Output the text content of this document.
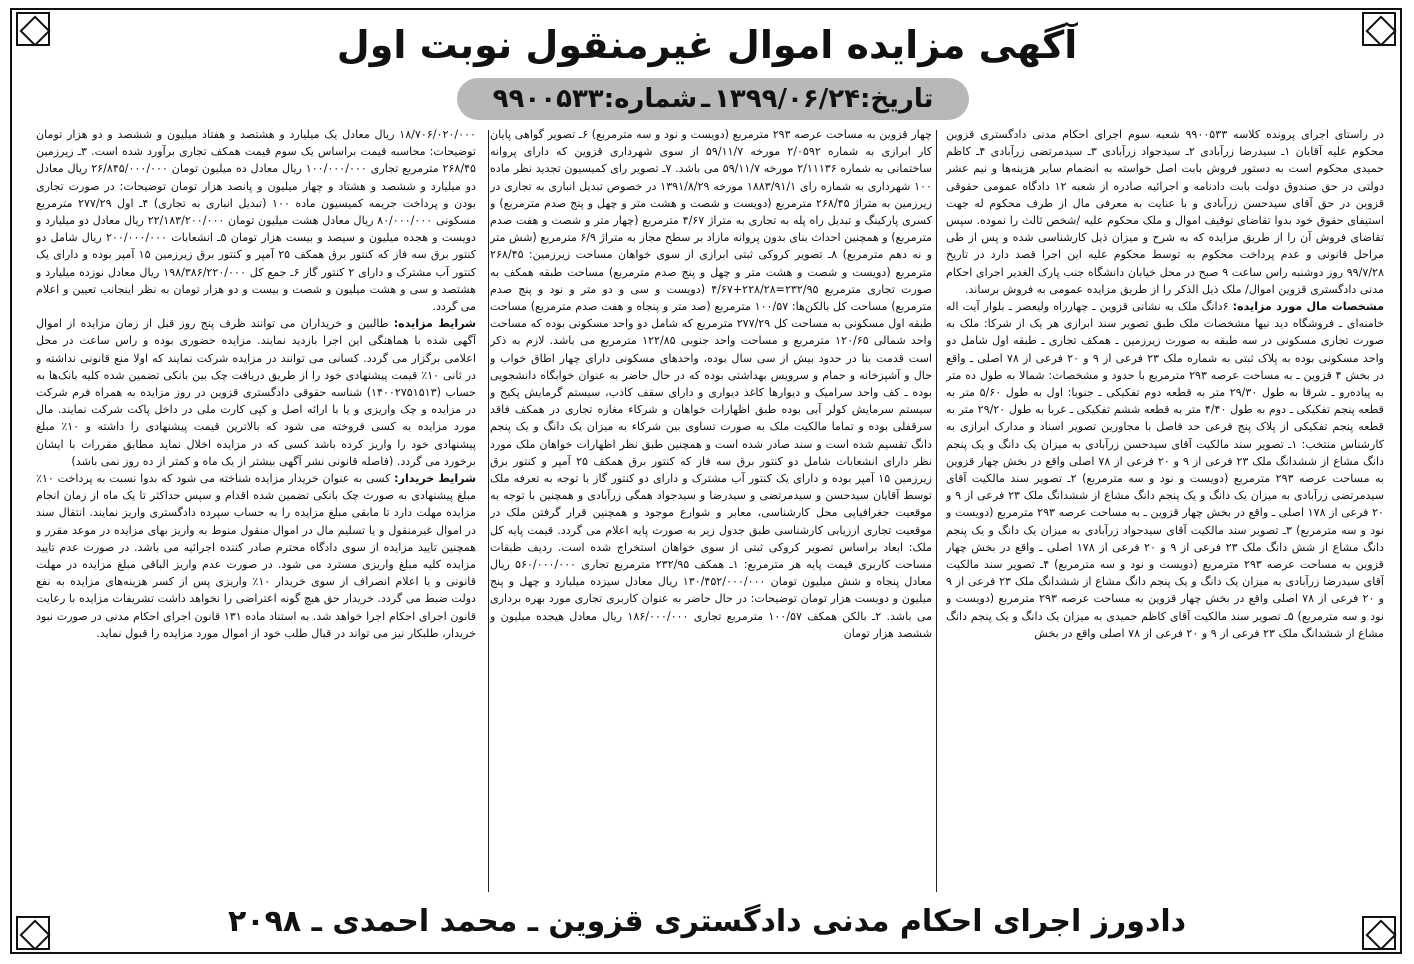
آگهی مزایده اموال غیرمنقول نوبت اول
تاریخ:
۱۳۹۹/۰۶/۲۴
ـ
شماره:
۹۹۰۰۵۳۳

در راستای اجرای پرونده کلاسه ۹۹۰۰۵۳۳ شعبه سوم اجرای احکام مدنی دادگستری قزوین محکوم علیه آقایان ۱ـ سیدرضا زرآبادی ۲ـ سیدجواد زرآبادی ۳ـ سیدمرتضی زرآبادی ۴ـ کاظم حمیدی محکوم است به دستور فروش بابت اصل خواسته به انضمام سایر هزینه‌ها و نیم عشر دولتی در حق صندوق دولت بابت دادنامه و اجرائیه صادره از شعبه ۱۲ دادگاه عمومی حقوقی قزوین در حق آقای سیدحسن زرآبادی و با عنایت به معرفی مال از طرف محکوم له جهت استیفای حقوق خود بدوا تقاضای توقیف اموال و ملک محکوم علیه /شخص ثالث را نموده. سپس تقاضای فروش آن را از طریق مزایده که به شرح و میزان ذیل کارشناسی شده و پس از طی مراحل قانونی و عدم پرداخت محکوم به توسط محکوم علیه این اجرا قصد دارد در تاریخ ۹۹/۷/۲۸ روز دوشنبه راس ساعت ۹ صبح در محل خیابان دانشگاه جنب پارک الغدیر اجرای احکام مدنی دادگستری قزوین اموال/ ملک ذیل الذکر را از طریق مزایده عمومی به فروش برساند.

مشخصات مال مورد مزایده: ۶دانگ ملک به نشانی قزوین ـ چهارراه ولیعصر ـ بلوار آیت اله خامنه‌ای ـ فروشگاه دید نیها مشخصات ملک طبق تصویر سند ابرازی هر یک از شرکا: ملک به صورت تجاری مسکونی در سه طبقه به صورت زیرزمین ـ همکف تجاری ـ طبقه اول شامل دو واحد مسکونی بوده به پلاک ثبتی به شماره ملک ۲۳ فرعی از ۹ و ۲۰ فرعی از ۷۸ اصلی ـ واقع در بخش ۴ قزوین ـ به مساحت عرصه ۲۹۳ مترمربع با حدود و مشخصات: شمالا به طول ده متر به پیاده‌رو ـ شرقا به طول ۲۹/۳۰ متر به قطعه دوم تفکیکی ـ جنوبا: اول به طول ۵/۶۰ متر به قطعه پنجم تفکیکی ـ دوم به طول ۴/۴۰ متر به قطعه ششم تفکیکی ـ غربا به طول ۲۹/۲۰ متر به قطعه پنجم تفکیکی از پلاک پنج فرعی حد فاصل با مجاورین تصویر اسناد و مدارک ابرازی به کارشناس منتخب: ۱ـ تصویر سند مالکیت آقای سیدحسن زرآبادی به میزان یک دانگ و یک پنجم دانگ مشاع از ششدانگ ملک ۲۳ فرعی از ۹ و ۲۰ فرعی از ۷۸ اصلی واقع در بخش چهار قزوین به مساحت عرصه ۲۹۳ مترمربع (دویست و نود و سه مترمربع) ۲ـ تصویر سند مالکیت آقای سیدمرتضی زرآبادی به میزان یک دانگ و یک پنجم دانگ مشاع از ششدانگ ملک ۲۳ فرعی از ۹ و ۲۰ فرعی از ۱۷۸ اصلی ـ واقع در بخش چهار قزوین ـ به مساحت عرصه ۲۹۳ مترمربع (دویست و نود و سه مترمربع) ۳ـ تصویر سند مالکیت آقای سیدجواد زرآبادی به میزان یک دانگ و یک پنجم دانگ مشاع از شش دانگ ملک ۲۳ فرعی از ۹ و ۲۰ فرعی از ۱۷۸ اصلی ـ واقع در بخش چهار قزوین به مساحت عرصه ۲۹۳ مترمربع (دویست و نود و سه مترمربع) ۴ـ تصویر سند مالکیت آقای سیدرضا زرآبادی به میزان یک دانگ و یک پنجم دانگ مشاع از ششدانگ ملک ۲۳ فرعی از ۹ و ۲۰ فرعی از ۷۸ اصلی واقع در بخش چهار قزوین به مساحت عرصه ۲۹۳ مترمربع (دویست و نود و سه مترمربع) ۵ـ تصویر سند مالکیت آقای کاظم حمیدی به میزان یک دانگ و یک پنجم دانگ مشاع از ششدانگ ملک ۲۳ فرعی از ۹ و ۲۰ فرعی از ۷۸ اصلی واقع در بخش

چهار قزوین به مساحت عرصه ۲۹۳ مترمربع (دویست و نود و سه مترمربع) ۶ـ تصویر گواهی پایان کار ابرازی به شماره ۲/۰۵۹۲ مورخه ۵۹/۱۱/۷ از سوی شهرداری قزوین که دارای پروانه ساختمانی به شماره ۲/۱۱۱۳۶ مورخه ۵۹/۱۱/۷ می باشد. ۷ـ تصویر رای کمیسیون تجدید نظر ماده ۱۰۰ شهرداری به شماره رای ۱۸۸۳/۹۱/۱ مورخه ۱۳۹۱/۸/۲۹ در خصوص تبدیل انباری به تجاری در زیرزمین به متراژ ۲۶۸/۴۵ مترمربع (دویست و شصت و هشت متر و چهل و پنج صدم مترمربع) و کسری پارکینگ و تبدیل راه پله به تجاری به متراژ ۴/۶۷ مترمربع (چهار متر و شصت و هفت صدم مترمربع) و همچنین احداث بنای بدون پروانه مازاد بر سطح مجاز به متراژ ۶/۹ مترمربع (شش متر و نه دهم مترمربع) ۸ـ تصویر کروکی ثبتی ابرازی از سوی خواهان مساحت زیرزمین: ۲۶۸/۴۵ مترمربع (دویست و شصت و هشت متر و چهل و پنج صدم مترمربع) مساحت طبقه همکف به صورت تجاری مترمربع ۲۳۲/۹۵=۲۲۸/۲۸+۴/۶۷ (دویست و سی و دو متر و نود و پنج صدم مترمربع) مساحت کل بالکن‌ها: ۱۰۰/۵۷ مترمربع (صد متر و پنجاه و هفت صدم مترمربع) مساحت طبقه اول مسکونی به مساحت کل ۲۷۷/۲۹ مترمربع که شامل دو واحد مسکونی بوده که مساحت واحد شمالی ۱۲۰/۶۵ مترمربع و مساحت واحد جنوبی ۱۲۲/۸۵ مترمربع می باشد. لازم به ذکر است قدمت بنا در حدود بیش از سی سال بوده، واحدهای مسکونی دارای چهار اطاق خواب و حال و آشپزخانه و حمام و سرویس بهداشتی بوده که در حال حاضر به عنوان خوابگاه دانشجویی بوده ـ کف واحد سرامیک و دیوارها کاغذ دیواری و دارای سقف کاذب، سیستم گرمایش پکیج و سیستم سرمایش کولر آبی بوده طبق اظهارات خواهان و شرکاء مغازه تجاری در همکف فاقد سرقفلی بوده و تماما مالکیت ملک به صورت تساوی بین شرکاء به میزان یک دانگ و یک پنجم دانگ تقسیم شده است و سند صادر شده است و همچنین طبق نظر اظهارات خواهان ملک مورد نظر دارای انشعابات شامل دو کنتور برق سه فاز که کنتور برق همکف ۲۵ آمپر و کنتور برق زیرزمین ۱۵ آمپر بوده و دارای یک کنتور آب مشترک و دارای دو کنتور گاز با توجه به تعرفه ملک توسط آقایان سیدحسن و سیدمرتضی و سیدرضا و سیدجواد همگی زرآبادی و همچنین با توجه به موقعیت جغرافیایی محل کارشناسی، معابر و شوارع موجود و همچنین قرار گرفتن ملک در موقعیت تجاری ارزیابی کارشناسی طبق جدول زیر به صورت پایه اعلام می گردد. قیمت پایه کل ملک: ابعاد براساس تصویر کروکی ثبتی از سوی خواهان استخراج شده است. ردیف طبقات مساحت کاربری قیمت پایه هر مترمربع: ۱ـ همکف ۲۳۲/۹۵ مترمربع تجاری ۵۶۰/۰۰۰/۰۰۰ ریال معادل پنجاه و شش میلیون تومان ۱۳۰/۴۵۲/۰۰۰/۰۰۰ ریال معادل سیزده میلیارد و چهل و پنج میلیون و دویست هزار تومان توضیحات: در حال حاضر به عنوان کاربری تجاری مورد بهره برداری می باشد. ۲ـ بالکن همکف ۱۰۰/۵۷ مترمربع تجاری ۱۸۶/۰۰۰/۰۰۰ ریال معادل هیجده میلیون و ششصد هزار تومان

۱۸/۷۰۶/۰۲۰/۰۰۰ ریال معادل یک میلیارد و هشتصد و هفتاد میلیون و ششصد و دو هزار تومان توضیحات: محاسبه قیمت براساس یک سوم قیمت همکف تجاری برآورد شده است. ۳ـ زیرزمین ۲۶۸/۴۵ مترمربع تجاری ۱۰۰/۰۰۰/۰۰۰ ریال معادل ده میلیون تومان ۲۶/۸۴۵/۰۰۰/۰۰۰ ریال معادل دو میلیارد و ششصد و هشتاد و چهار میلیون و پانصد هزار تومان توضیحات: در صورت تجاری بودن و پرداخت جریمه کمیسیون ماده ۱۰۰ (تبدیل انباری به تجاری) ۴ـ اول ۲۷۷/۲۹ مترمربع مسکونی ۸۰/۰۰۰/۰۰۰ ریال معادل هشت میلیون تومان ۲۲/۱۸۳/۲۰۰/۰۰۰ ریال معادل دو میلیارد و دویست و هجده میلیون و سیصد و بیست هزار تومان ۵ـ انشعابات ۲۰۰/۰۰۰/۰۰۰ ریال شامل دو کنتور برق سه فاز که کنتور برق همکف ۲۵ آمپر و کنتور برق زیرزمین ۱۵ آمپر بوده و دارای یک کنتور آب مشترک و دارای ۲ کنتور گاز ۶ـ جمع کل ۱۹۸/۳۸۶/۲۲۰/۰۰۰ ریال معادل نوزده میلیارد و هشتصد و سی و هشت میلیون و شصت و بیست و دو هزار تومان به نظر اینجانب تعیین و اعلام می گردد.

شرایط مزایده: طالبین و خریداران می توانند ظرف پنج روز قبل از زمان مزایده از اموال آگهی شده با هماهنگی این اجرا بازدید نمایند. مزایده حضوری بوده و راس ساعت در محل اعلامی برگزار می گردد. کسانی می توانند در مزایده شرکت نمایند که اولا منع قانونی نداشته و در ثانی ۱۰٪ قیمت پیشنهادی خود را از طریق دریافت چک بین بانکی تضمین شده کلیه بانک‌ها به حساب (۱۴۰۰۲۷۵۱۵۱۳) شناسه حقوقی دادگستری قزوین در روز مزایده به همراه فرم شرکت در مزایده و چک واریزی و یا با ارائه اصل و کپی کارت ملی در داخل پاکت شرکت نمایند. مال مورد مزایده به کسی فروخته می شود که بالاترین قیمت پیشنهادی را داشته و ۱۰٪ مبلغ پیشنهادی خود را واریز کرده باشد کسی که در مزایده اخلال نماید مطابق مقررات با ایشان برخورد می گردد. (فاصله قانونی نشر آگهی بیشتر از یک ماه و کمتر از ده روز نمی باشد)

شرایط خریدار: کسی به عنوان خریدار مزایده شناخته می شود که بدوا نسبت به پرداخت ۱۰٪ مبلغ پیشنهادی به صورت چک بانکی تضمین شده اقدام و سپس حداکثر تا یک ماه از زمان انجام مزایده مهلت دارد تا مابقی مبلغ مزایده را به حساب سپرده دادگستری واریز نمایند. انتقال سند در اموال غیرمنقول و یا تسلیم مال در اموال منقول منوط به واریز بهای مزایده در موعد مقرر و همچنین تایید مزایده از سوی دادگاه محترم صادر کننده اجرائیه می باشد. در صورت عدم تایید مزایده کلیه مبلغ واریزی مسترد می شود. در صورت عدم واریز الباقی مبلغ مزایده در مهلت قانونی و یا اعلام انصراف از سوی خریدار ۱۰٪ واریزی پس از کسر هزینه‌های مزایده به نفع دولت ضبط می گردد. خریدار حق هیچ گونه اعتراضی را نخواهد داشت تشریفات مزایده با رعایت قانون اجرای احکام اجرا خواهد شد. به استناد ماده ۱۳۱ قانون اجرای احکام مدنی در صورت نبود خریدار، طلبکار نیز می تواند در قبال طلب خود از اموال مورد مزایده را قبول نماید.

دادورز اجرای احکام مدنی دادگستری قزوین ـ محمد احمدی ـ ۲۰۹۸
